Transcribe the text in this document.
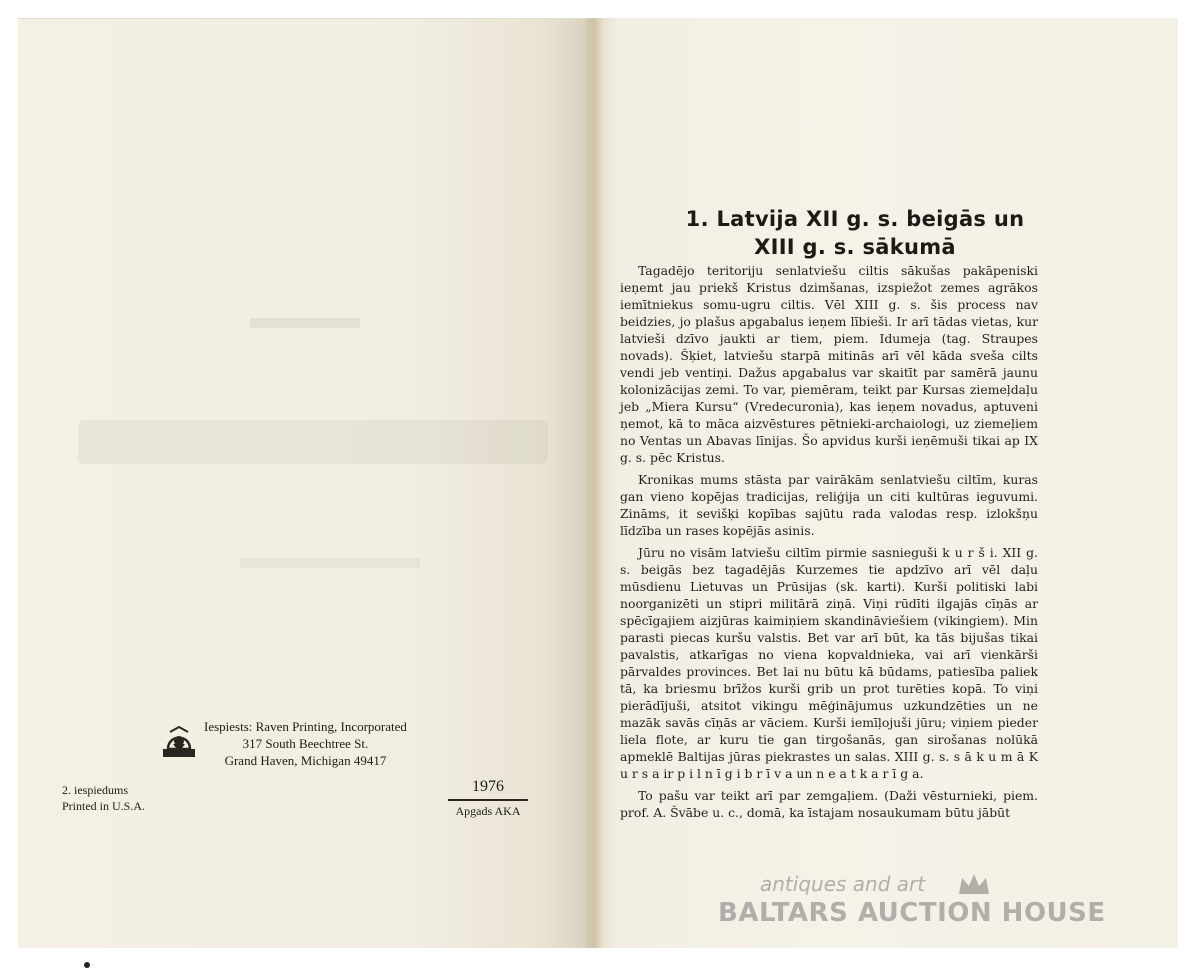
Iespiests: Raven Printing, Incorporated
317 South Beechtree St.
Grand Haven, Michigan 49417
2. iespiedums
Printed in U.S.A.
1976
Apgads AKA
1. Latvija XII g. s. beigās un
XIII g. s. sākumā

Tagadējo teritoriju senlatviešu ciltis sākušas pakāpeniski ieņemt jau priekš Kristus dzimšanas, izspiežot zemes agrākos iemītniekus somu-ugru ciltis. Vēl XIII g. s. šis process nav beidzies, jo plašus apgabalus ieņem lībieši. Ir arī tādas vietas, kur latvieši dzīvo jaukti ar tiem, piem. Idumeja (tag. Straupes novads). Šķiet, latviešu starpā mitinās arī vēl kāda sveša cilts vendi jeb ventiņi. Dažus apgabalus var skaitīt par samērā jaunu kolonizācijas zemi. To var, piemēram, teikt par Kursas ziemeļdaļu jeb „Miera Kursu“ (Vredecuronia), kas ieņem novadus, aptuveni ņemot, kā to māca aizvēstures pētnieki-archaiologi, uz ziemeļiem no Ventas un Abavas līnijas. Šo apvidus kurši ieņēmuši tikai ap IX g. s. pēc Kristus.

Kronikas mums stāsta par vairākām senlatviešu ciltīm, kuras gan vieno kopējas tradicijas, reliģija un citi kultūras ieguvumi. Zināms, it sevišķi kopības sajūtu rada valodas resp. izlokšņu līdzība un rases kopējās asinis.

Jūru no visām latviešu ciltīm pirmie sasnieguši k u r š i. XII g. s. beigās bez tagadējās Kurzemes tie apdzīvo arī vēl daļu mūsdienu Lietuvas un Prūsijas (sk. karti). Kurši politiski labi noorganizēti un stipri militārā ziņā. Viņi rūdīti ilgajās cīņās ar spēcīgajiem aizjūras kaimiņiem skandināviešiem (vikingiem). Min parasti piecas kuršu valstis. Bet var arī būt, ka tās bijušas tikai pavalstis, atkarīgas no viena kopvaldnieka, vai arī vienkārši pārvaldes provinces. Bet lai nu būtu kā būdams, patiesība paliek tā, ka briesmu brīžos kurši grib un prot turēties kopā. To viņi pierādījuši, atsitot vikingu mēģinājumus uzkundzēties un ne mazāk savās cīņās ar vāciem. Kurši iemīļojuši jūru; viņiem pieder liela flote, ar kuru tie gan tirgošanās, gan sirošanas nolūkā apmeklē Baltijas jūras piekrastes un salas. XIII g. s. s ā k u m ā K u r s a ir p i l n ī g i b r ī v a un n e a t k a r ī g a.

To pašu var teikt arī par zemgaļiem. (Daži vēsturnieki, piem. prof. A. Švābe u. c., domā, ka īstajam nosaukumam būtu jābūt

antiques and art
BALTARS AUCTION HOUSE
